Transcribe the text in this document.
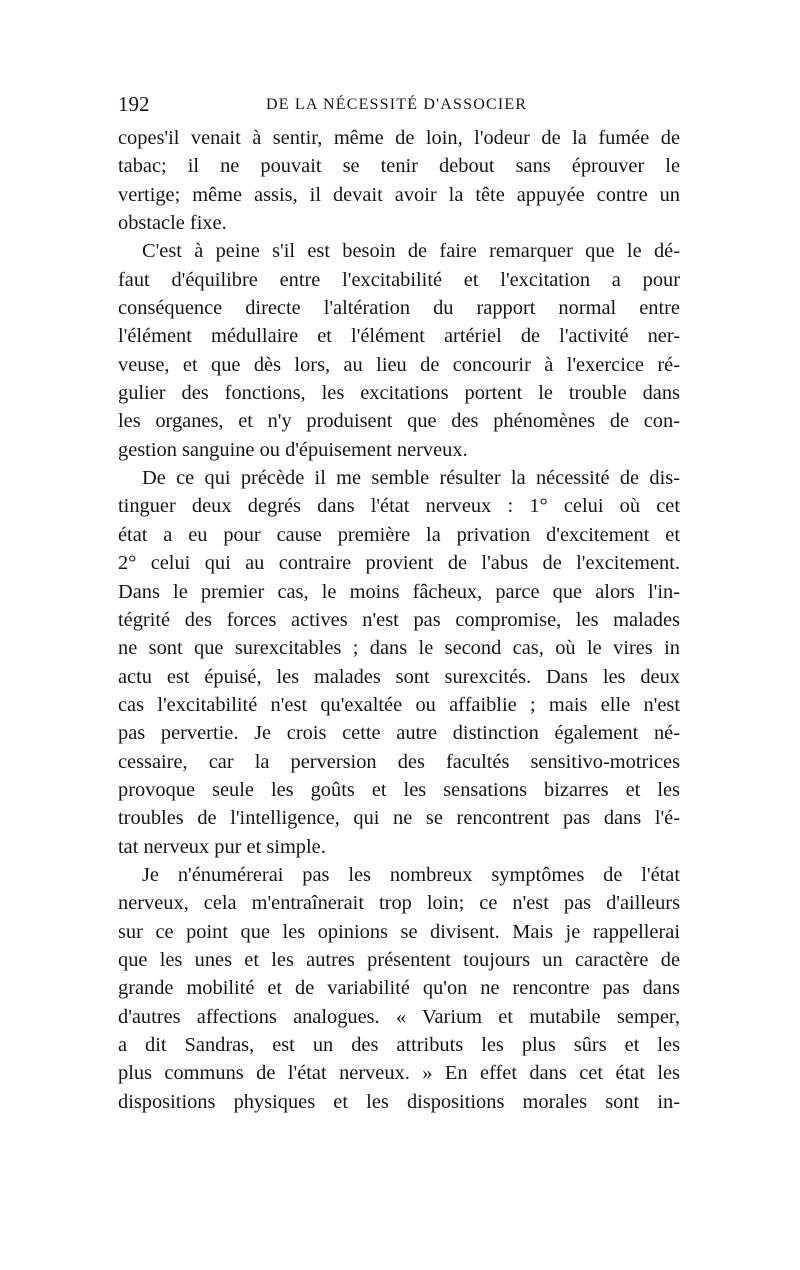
192	DE LA NÉCESSITÉ D'ASSOCIER
copes'il venait à sentir, même de loin, l'odeur de la fumée de
tabac; il ne pouvait se tenir debout sans éprouver le
vertige; même assis, il devait avoir la tête appuyée contre un
obstacle fixe.
C'est à peine s'il est besoin de faire remarquer que le dé-
faut d'équilibre entre l'excitabilité et l'excitation a pour
conséquence directe l'altération du rapport normal entre
l'élément médullaire et l'élément artériel de l'activité ner-
veuse, et que dès lors, au lieu de concourir à l'exercice ré-
gulier des fonctions, les excitations portent le trouble dans
les organes, et n'y produisent que des phénomènes de con-
gestion sanguine ou d'épuisement nerveux.
De ce qui précède il me semble résulter la nécessité de dis-
tinguer deux degrés dans l'état nerveux : 1° celui où cet
état a eu pour cause première la privation d'excitement et
2° celui qui au contraire provient de l'abus de l'excitement.
Dans le premier cas, le moins fâcheux, parce que alors l'in-
tégrité des forces actives n'est pas compromise, les malades
ne sont que surexcitables ; dans le second cas, où le vires in
actu est épuisé, les malades sont surexcités. Dans les deux
cas l'excitabilité n'est qu'exaltée ou affaiblie ; mais elle n'est
pas pervertie. Je crois cette autre distinction également né-
cessaire, car la perversion des facultés sensitivo-motrices
provoque seule les goûts et les sensations bizarres et les
troubles de l'intelligence, qui ne se rencontrent pas dans l'é-
tat nerveux pur et simple.
Je n'énumérerai pas les nombreux symptômes de l'état
nerveux, cela m'entraînerait trop loin; ce n'est pas d'ailleurs
sur ce point que les opinions se divisent. Mais je rappellerai
que les unes et les autres présentent toujours un caractère de
grande mobilité et de variabilité qu'on ne rencontre pas dans
d'autres affections analogues. « Varium et mutabile semper,
a dit Sandras, est un des attributs les plus sûrs et les
plus communs de l'état nerveux. » En effet dans cet état les
dispositions physiques et les dispositions morales sont in-
